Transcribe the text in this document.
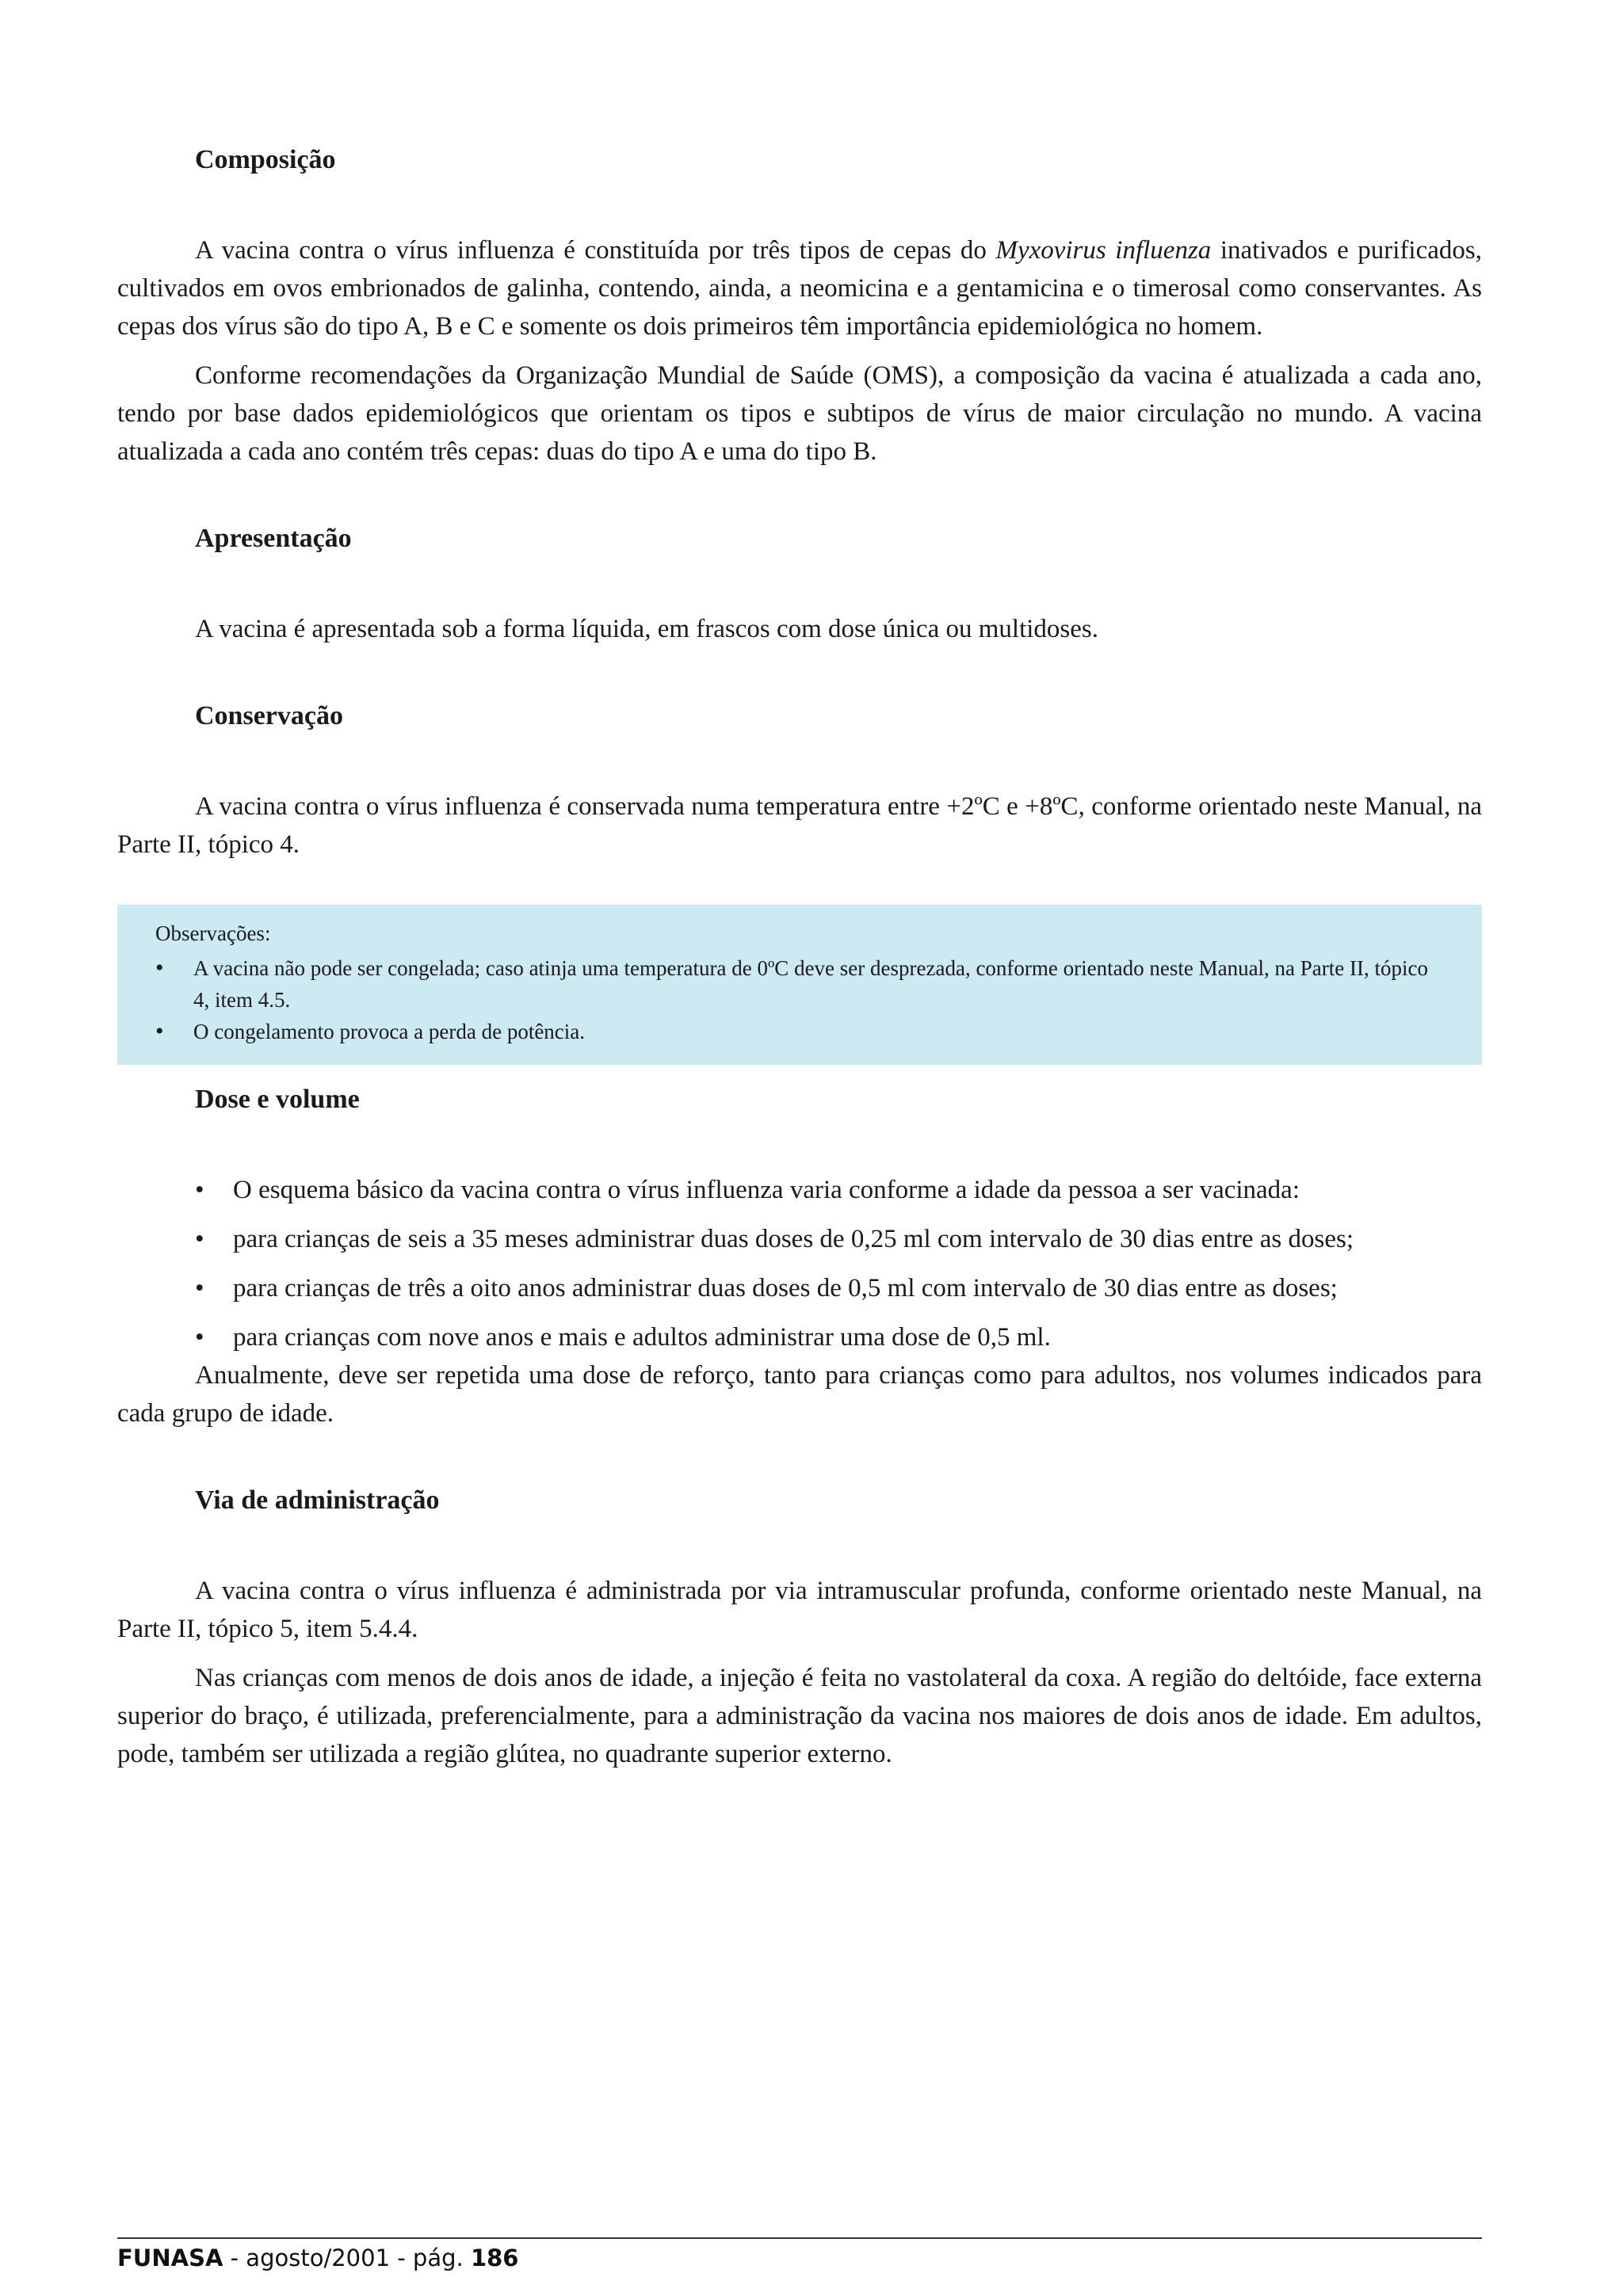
Composição

A vacina contra o vírus influenza é constituída por três tipos de cepas do Myxovirus influenza inativados e purificados, cultivados em ovos embrionados de galinha, contendo, ainda, a neomicina e a gentamicina e o timerosal como conservantes. As cepas dos vírus são do tipo A, B e C e somente os dois primeiros têm importância epidemiológica no homem.

Conforme recomendações da Organização Mundial de Saúde (OMS), a composição da vacina é atualizada a cada ano, tendo por base dados epidemiológicos que orientam os tipos e subtipos de vírus de maior circulação no mundo. A vacina atualizada a cada ano contém três cepas: duas do tipo A e uma do tipo B.

Apresentação

A vacina é apresentada sob a forma líquida, em frascos com dose única ou multidoses.

Conservação

A vacina contra o vírus influenza é conservada numa temperatura entre +2ºC e +8ºC, conforme orientado neste Manual, na Parte II, tópico 4.

Observações:

• A vacina não pode ser congelada; caso atinja uma temperatura de 0ºC deve ser desprezada, conforme orientado neste Manual, na Parte II, tópico 4, item 4.5.
• O congelamento provoca a perda de potência.
Dose e volume
• O esquema básico da vacina contra o vírus influenza varia conforme a idade da pessoa a ser vacinada:
• para crianças de seis a 35 meses administrar duas doses de 0,25 ml com intervalo de 30 dias entre as doses;
• para crianças de três a oito anos administrar duas doses de 0,5 ml com intervalo de 30 dias entre as doses;
• para crianças com nove anos e mais e adultos administrar uma dose de 0,5 ml.

Anualmente, deve ser repetida uma dose de reforço, tanto para crianças como para adultos, nos volumes indicados para cada grupo de idade.

Via de administração

A vacina contra o vírus influenza é administrada por via intramuscular profunda, conforme orientado neste Manual, na Parte II, tópico 5, item 5.4.4.

Nas crianças com menos de dois anos de idade, a injeção é feita no vastolateral da coxa. A região do deltóide, face externa superior do braço, é utilizada, preferencialmente, para a administração da vacina nos maiores de dois anos de idade. Em adultos, pode, também ser utilizada a região glútea, no quadrante superior externo.

FUNASA - agosto/2001 - pág. 186
